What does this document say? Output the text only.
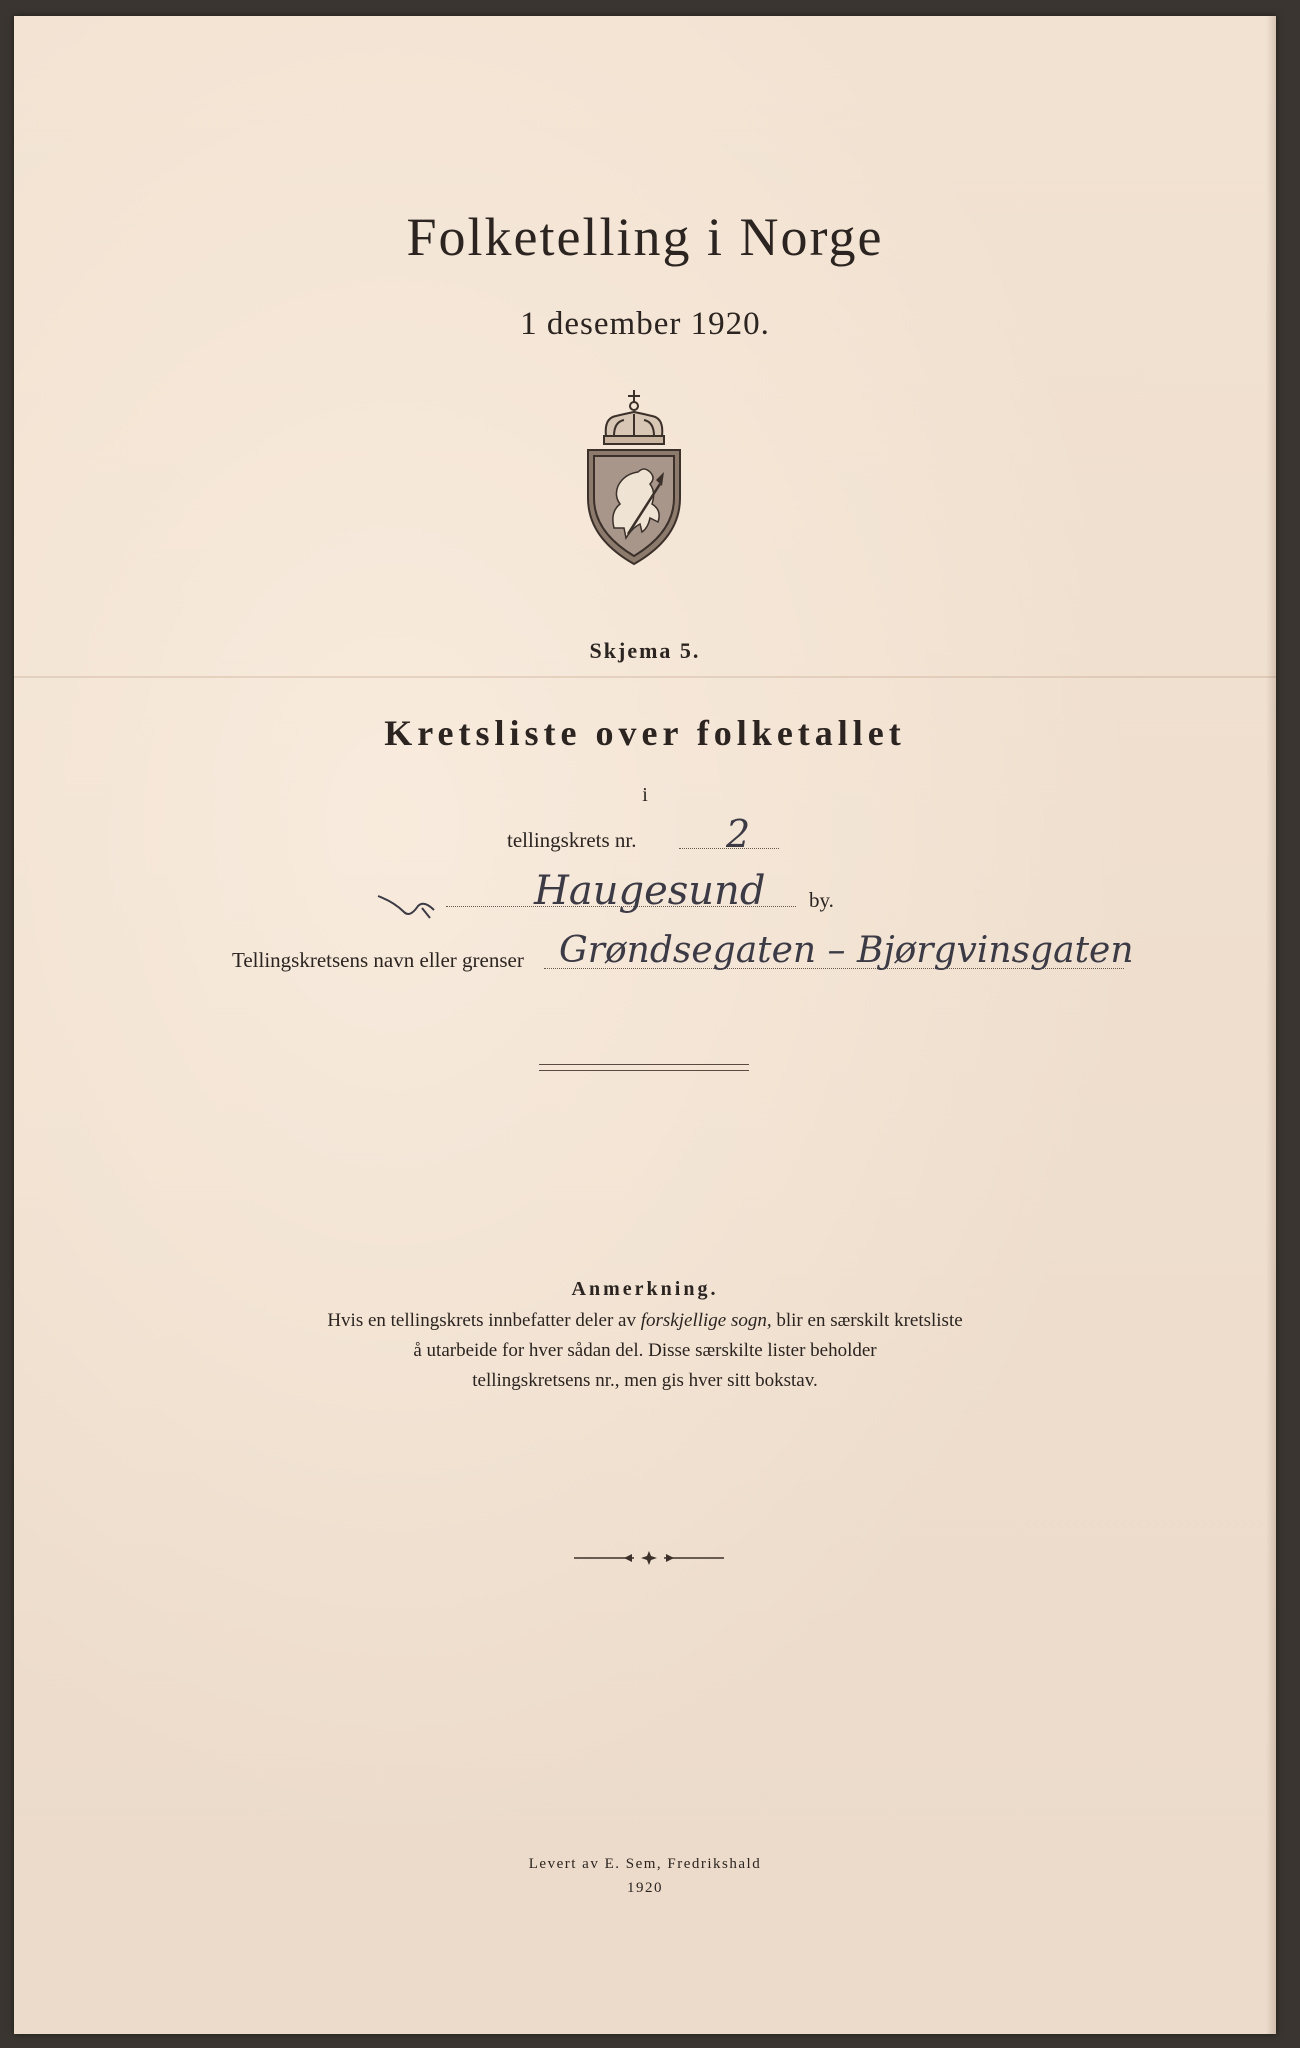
Folketelling i Norge
1 desember 1920.
Skjema 5.
Kretsliste over folketallet
i
tellingskrets nr. 2
Haugesund by.
Tellingskretsens navn eller grenser Grøndsegaten – Bjørgvinsgaten
Anmerkning.
Hvis en tellingskrets innbefatter deler av forskjellige sogn, blir en særskilt kretsliste
å utarbeide for hver sådan del. Disse særskilte lister beholder
tellingskretsens nr., men gis hver sitt bokstav.
Levert av E. Sem, Fredrikshald
1920
